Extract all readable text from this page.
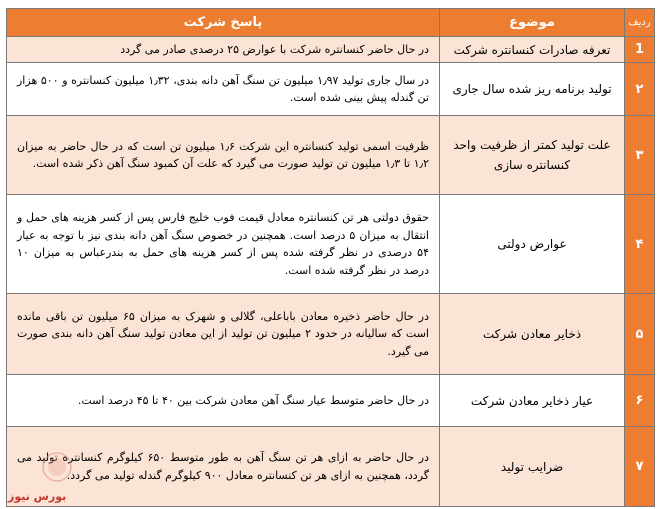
ردیف	موضوع	پاسخ شرکت
1	تعرفه صادرات کنسانتره شرکت	در حال حاضر کنسانتره شرکت با عوارض ۲۵ درصدی صادر می گردد
۲	تولید برنامه ریز شده سال جاری	در سال جاری تولید ۱٫۹۷ میلیون تن سنگ آهن دانه بندی، ۱٫۳۲ میلیون کنسانتره و ۵۰۰ هزار تن گندله پیش بینی شده است.
۳	علت تولید کمتر از ظرفیت واحد کنسانتره سازی	ظرفیت اسمی تولید کنسانتره این شرکت ۱٫۶ میلیون تن است که در حال حاضر به میزان ۱٫۲ تا ۱٫۳ میلیون تن تولید صورت می گیرد که علت آن کمبود سنگ آهن ذکر شده است.
۴	عوارض دولتی	حقوق دولتی هر تن کنسانتره معادل قیمت فوب خلیج فارس پس از کسر هزینه های حمل و انتقال به میزان ۵ درصد است. همچنین در خصوص سنگ آهن دانه بندی نیز با توجه به عیار ۵۴ درصدی در نظر گرفته شده پس از کسر هزینه های حمل به بندرعباس به میزان ۱۰ درصد در نظر گرفته شده است.
۵	ذخایر معادن شرکت	در حال حاضر ذخیره معادن باباعلی، گلالی و شهرک به میزان ۶۵ میلیون تن باقی مانده است که سالیانه در حدود ۲ میلیون تن تولید از این معادن تولید سنگ آهن دانه بندی صورت می گیرد.
۶	عیار ذخایر معادن شرکت	در حال حاضر متوسط عیار سنگ آهن معادن شرکت بین ۴۰ تا ۴۵ درصد است.
۷	ضرایب تولید	در حال حاضر به ازای هر تن سنگ آهن به طور متوسط ۶۵۰ کیلوگرم کنسانتره تولید می گردد، همچنین به ازای هر تن کنسانتره معادل ۹۰۰ کیلوگرم گندله تولید می گردد.
بورس نیوز
